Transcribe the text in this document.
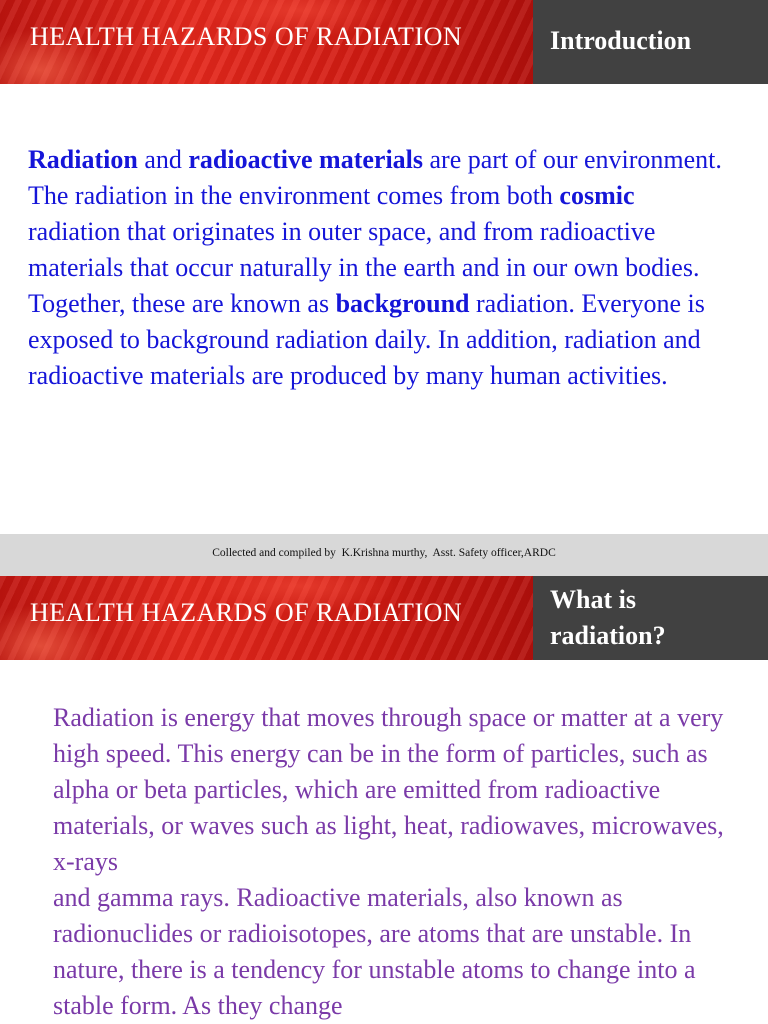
HEALTH HAZARDS OF RADIATION	Introduction
Radiation and radioactive materials are part of our environment. The radiation in the environment comes from both cosmic radiation that originates in outer space, and from radioactive materials that occur naturally in the earth and in our own bodies. Together, these are known as background radiation. Everyone is exposed to background radiation daily. In addition, radiation and radioactive materials are produced by many human activities.
Collected and compiled by  K.Krishna murthy,  Asst. Safety officer,ARDC
HEALTH HAZARDS OF RADIATION	What is
radiation?
Radiation is energy that moves through space or matter at a very high speed. This energy can be in the form of particles, such as alpha or beta particles, which are emitted from radioactive materials, or waves such as light, heat, radiowaves, microwaves, x-rays
and gamma rays. Radioactive materials, also known as radionuclides or radioisotopes, are atoms that are unstable. In nature, there is a tendency for unstable atoms to change into a stable form. As they change
